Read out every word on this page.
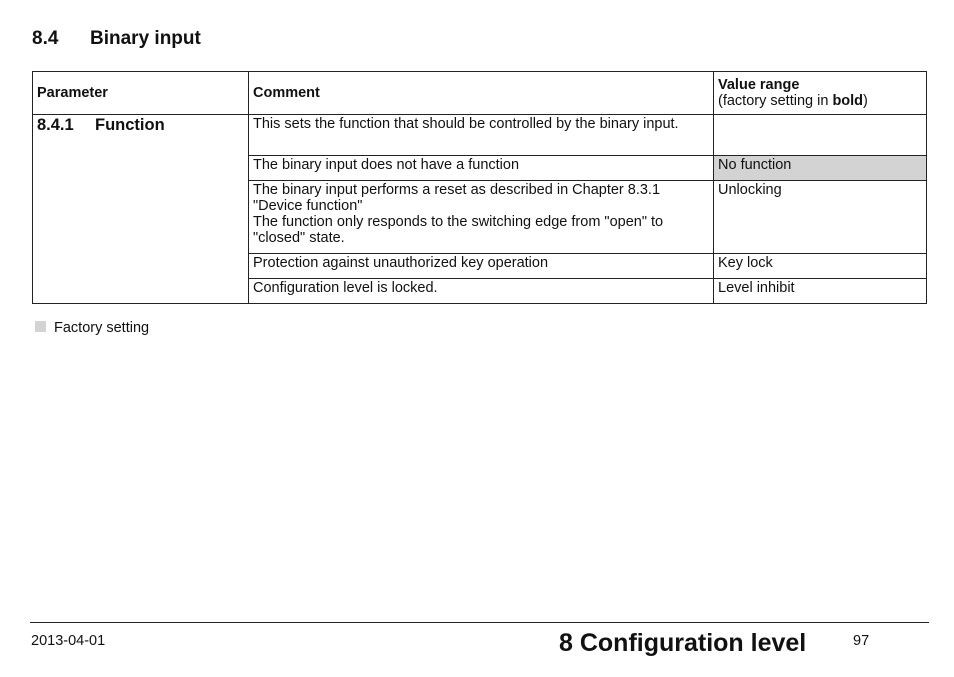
8.4 Binary input
Parameter	Comment	Value range
(factory setting in bold)
8.4.1 Function	This sets the function that should be controlled by the binary input.	
	The binary input does not have a function	No function
	The binary input performs a reset as described in Chapter 8.3.1 "Device function"
The function only responds to the switching edge from "open" to "closed" state.	Unlocking
	Protection against unauthorized key operation	Key lock
	Configuration level is locked.	Level inhibit
Factory setting
2013-04-01	8 Configuration level	97
